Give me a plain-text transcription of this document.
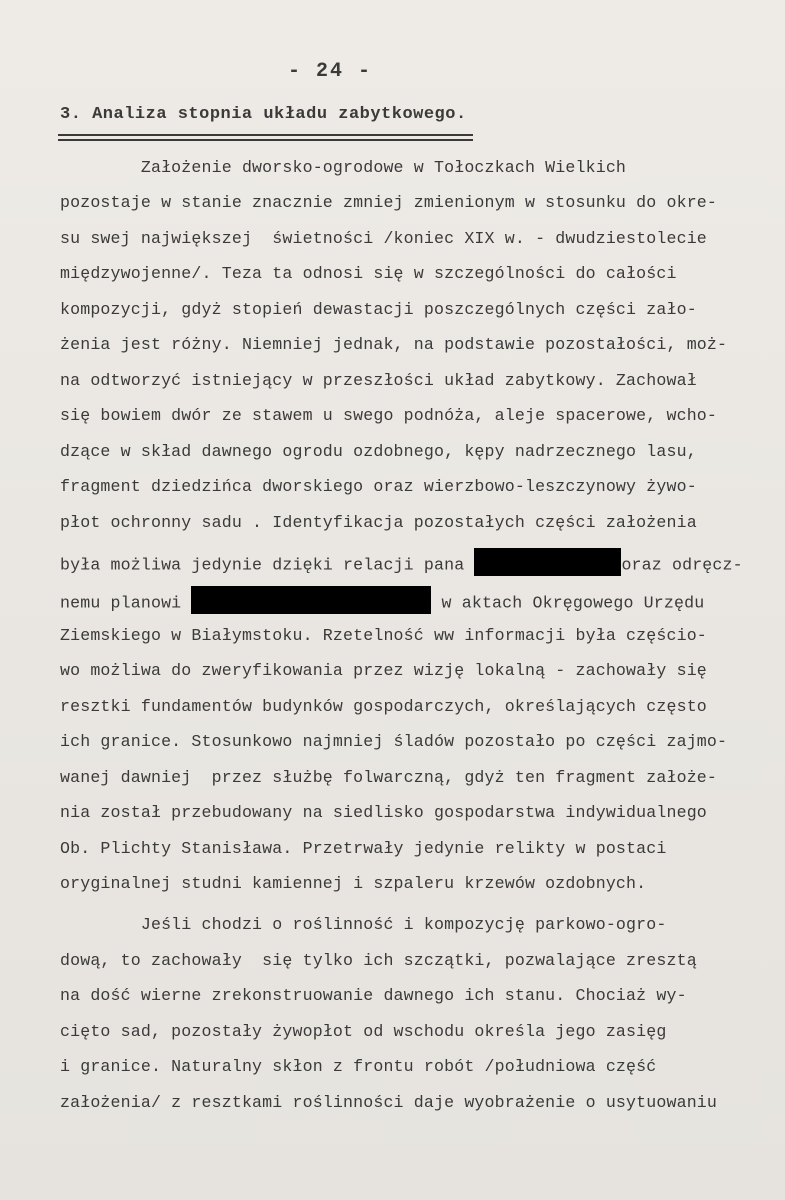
- 24 -
3. Analiza stopnia układu zabytkowego.
Założenie dworsko-ogrodowe w Tołoczkach Wielkich
pozostaje w stanie znacznie zmniej zmienionym w stosunku do okre-
su swej największej  świetności /koniec XIX w. - dwudziestolecie
międzywojenne/. Teza ta odnosi się w szczególności do całości
kompozycji, gdyż stopień dewastacji poszczególnych części zało-
żenia jest różny. Niemniej jednak, na podstawie pozostałości, moż-
na odtworzyć istniejący w przeszłości układ zabytkowy. Zachował
się bowiem dwór ze stawem u swego podnóża, aleje spacerowe, wcho-
dzące w skład dawnego ogrodu ozdobnego, kępy nadrzecznego lasu,
fragment dziedzińca dworskiego oraz wierzbowo-leszczynowy żywo-
płot ochronny sadu . Identyfikacja pozostałych części założenia
była możliwa jedynie dzięki relacji pana	oraz odręcz-
nemu planowi	w aktach Okręgowego Urzędu
Ziemskiego w Białymstoku. Rzetelność ww informacji była częścio-
wo możliwa do zweryfikowania przez wizję lokalną - zachowały się
resztki fundamentów budynków gospodarczych, określających często
ich granice. Stosunkowo najmniej śladów pozostało po części zajmo-
wanej dawniej  przez służbę folwarczną, gdyż ten fragment założe-
nia został przebudowany na siedlisko gospodarstwa indywidualnego
Ob. Plichty Stanisława. Przetrwały jedynie relikty w postaci
oryginalnej studni kamiennej i szpaleru krzewów ozdobnych.
Jeśli chodzi o roślinność i kompozycję parkowo-ogro-
dową, to zachowały  się tylko ich szczątki, pozwalające zresztą
na dość wierne zrekonstruowanie dawnego ich stanu. Chociaż wy-
cięto sad, pozostały żywopłot od wschodu określa jego zasięg
i granice. Naturalny skłon z frontu robót /południowa część
założenia/ z resztkami roślinności daje wyobrażenie o usytuowaniu
